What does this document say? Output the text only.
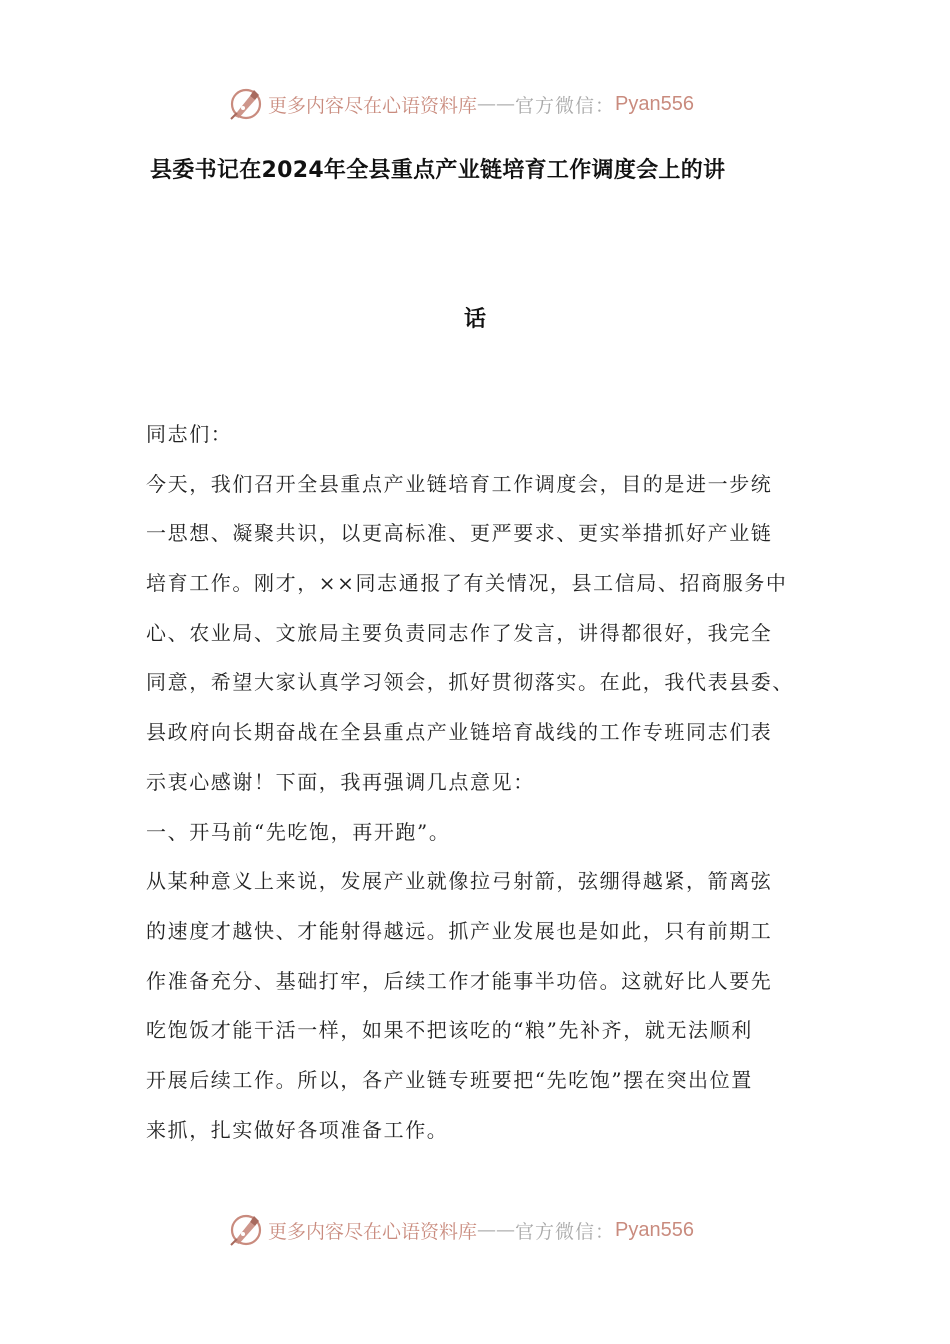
更多内容尽在心语资料库 —— 官方微信： Pyan556
县委书记在2024年全县重点产业链培育工作调度会上的讲
话
同志们：
今天，我们召开全县重点产业链培育工作调度会，目的是进一步统
一思想、凝聚共识，以更高标准、更严要求、更实举措抓好产业链
培育工作。刚才，××同志通报了有关情况，县工信局、招商服务中
心、农业局、文旅局主要负责同志作了发言，讲得都很好，我完全
同意，希望大家认真学习领会，抓好贯彻落实。在此，我代表县委、
县政府向长期奋战在全县重点产业链培育战线的工作专班同志们表
示衷心感谢！下面，我再强调几点意见：
一、开马前“先吃饱，再开跑”。
从某种意义上来说，发展产业就像拉弓射箭，弦绷得越紧，箭离弦
的速度才越快、才能射得越远。抓产业发展也是如此，只有前期工
作准备充分、基础打牢，后续工作才能事半功倍。这就好比人要先
吃饱饭才能干活一样，如果不把该吃的“粮”先补齐，就无法顺利
开展后续工作。所以，各产业链专班要把“先吃饱”摆在突出位置
来抓，扎实做好各项准备工作。
更多内容尽在心语资料库 —— 官方微信： Pyan556
